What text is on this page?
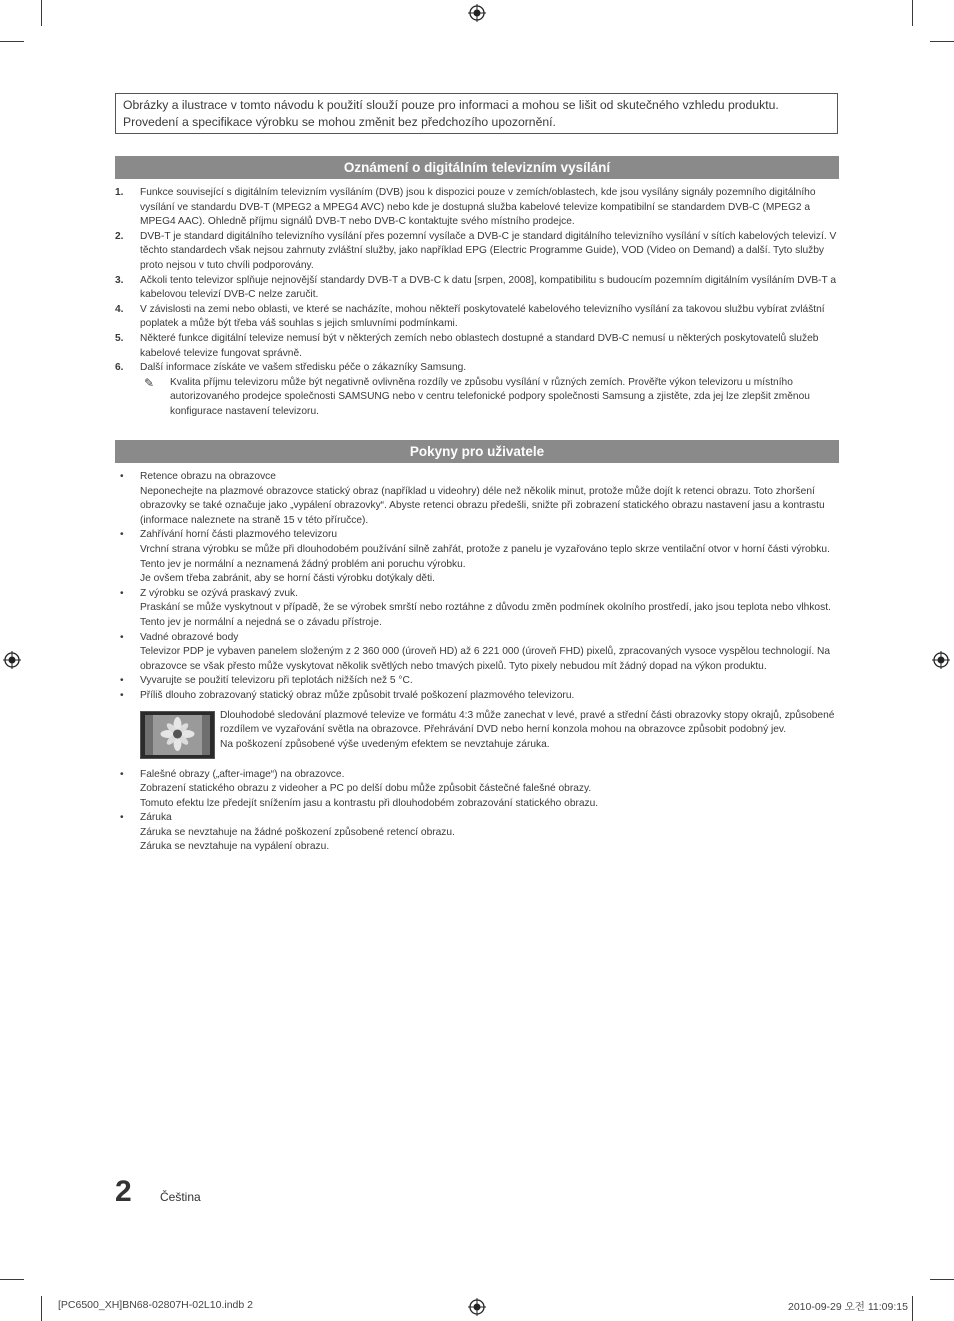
Obrázky a ilustrace v tomto návodu k použití slouží pouze pro informaci a mohou se lišit od skutečného vzhledu produktu.
Provedení a specifikace výrobku se mohou změnit bez předchozího upozornění.
Oznámení o digitálním televizním vysílání
1. Funkce související s digitálním televizním vysíláním (DVB) jsou k dispozici pouze v zemích/oblastech, kde jsou vysílány signály pozemního digitálního vysílání ve standardu DVB-T (MPEG2 a MPEG4 AVC) nebo kde je dostupná služba kabelové televize kompatibilní se standardem DVB-C (MPEG2 a MPEG4 AAC). Ohledně příjmu signálů DVB-T nebo DVB-C kontaktujte svého místního prodejce.
2. DVB-T je standard digitálního televizního vysílání přes pozemní vysílače a DVB-C je standard digitálního televizního vysílání v sítích kabelových televizí. V těchto standardech však nejsou zahrnuty zvláštní služby, jako například EPG (Electric Programme Guide), VOD (Video on Demand) a další. Tyto služby proto nejsou v tuto chvíli podporovány.
3. Ačkoli tento televizor splňuje nejnovější standardy DVB-T a DVB-C k datu [srpen, 2008], kompatibilitu s budoucím pozemním digitálním vysíláním DVB-T a kabelovou televizí DVB-C nelze zaručit.
4. V závislosti na zemi nebo oblasti, ve které se nacházíte, mohou někteří poskytovatelé kabelového televizního vysílání za takovou službu vybírat zvláštní poplatek a může být třeba váš souhlas s jejich smluvními podmínkami.
5. Některé funkce digitální televize nemusí být v některých zemích nebo oblastech dostupné a standard DVB-C nemusí u některých poskytovatelů služeb kabelové televize fungovat správně.
6. Další informace získáte ve vašem středisku péče o zákazníky Samsung.
✎ Kvalita příjmu televizoru může být negativně ovlivněna rozdíly ve způsobu vysílání v různých zemích. Prověřte výkon televizoru u místního autorizovaného prodejce společnosti SAMSUNG nebo v centru telefonické podpory společnosti Samsung a zjistěte, zda jej lze zlepšit změnou konfigurace nastavení televizoru.
Pokyny pro uživatele
• Retence obrazu na obrazovce
Neponechejte na plazmové obrazovce statický obraz (například u videohry) déle než několik minut, protože může dojít k retenci obrazu. Toto zhoršení obrazovky se také označuje jako „vypálení obrazovky“. Abyste retenci obrazu předešli, snižte při zobrazení statického obrazu nastavení jasu a kontrastu (informace naleznete na straně 15 v této příručce).
• Zahřívání horní části plazmového televizoru
Vrchní strana výrobku se může při dlouhodobém používání silně zahřát, protože z panelu je vyzařováno teplo skrze ventilační otvor v horní části výrobku.
Tento jev je normální a neznamená žádný problém ani poruchu výrobku.
Je ovšem třeba zabránit, aby se horní části výrobku dotýkaly děti.
• Z výrobku se ozývá praskavý zvuk.
Praskání se může vyskytnout v případě, že se výrobek smrští nebo roztáhne z důvodu změn podmínek okolního prostředí, jako jsou teplota nebo vlhkost. Tento jev je normální a nejedná se o závadu přístroje.
• Vadné obrazové body
Televizor PDP je vybaven panelem složeným z 2 360 000 (úroveň HD) až 6 221 000 (úroveň FHD) pixelů, zpracovaných vysoce vyspělou technologií. Na obrazovce se však přesto může vyskytovat několik světlých nebo tmavých pixelů. Tyto pixely nebudou mít žádný dopad na výkon produktu.
• Vyvarujte se použití televizoru při teplotách nižších než 5 °C.
• Příliš dlouho zobrazovaný statický obraz může způsobit trvalé poškození plazmového televizoru.
Dlouhodobé sledování plazmové televize ve formátu 4:3 může zanechat v levé, pravé a střední části obrazovky stopy okrajů, způsobené rozdílem ve vyzařování světla na obrazovce. Přehrávání DVD nebo herní konzola mohou na obrazovce způsobit podobný jev.
Na poškození způsobené výše uvedeným efektem se nevztahuje záruka.
• Falešné obrazy („after-image“) na obrazovce.
Zobrazení statického obrazu z videoher a PC po delší dobu může způsobit částečné falešné obrazy.
Tomuto efektu lze předejít snížením jasu a kontrastu při dlouhodobém zobrazování statického obrazu.
• Záruka
Záruka se nevztahuje na žádné poškození způsobené retencí obrazu.
Záruka se nevztahuje na vypálení obrazu.
2 Čeština
[PC6500_XH]BN68-02807H-02L10.indb 2	2010-09-29 오전 11:09:15
